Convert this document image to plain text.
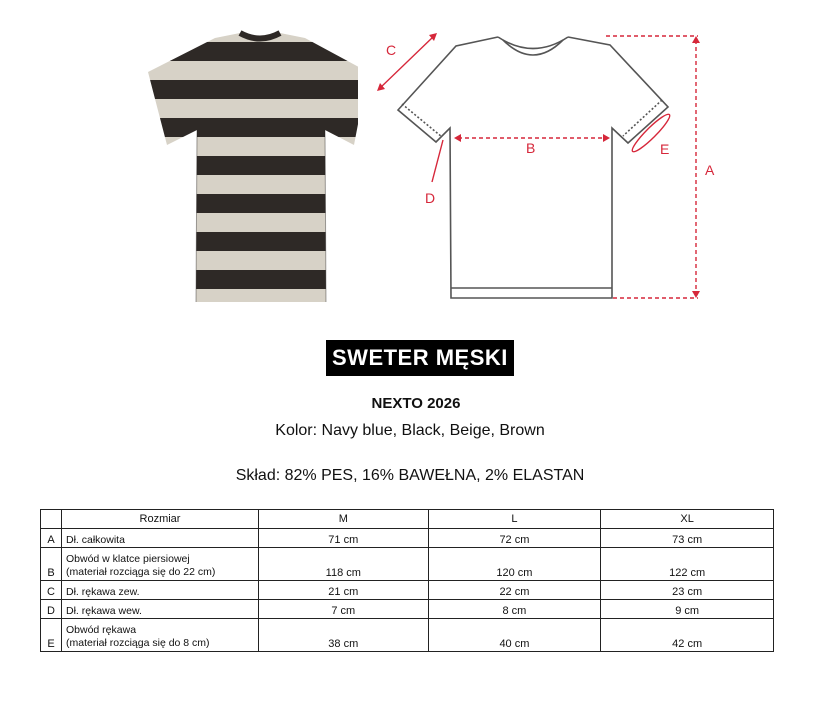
A
B
C
D
E
SWETER MĘSKI
NEXTO 2026
Kolor: Navy blue, Black, Beige, Brown
Skład: 82% PES, 16% BAWEŁNA, 2% ELASTAN
	Rozmiar	M	L	XL
A	Dł. całkowita	71 cm	72 cm	73 cm
B	Obwód w klatce piersiowej
(materiał rozciąga się do 22 cm)	118 cm	120 cm	122 cm
C	Dł. rękawa zew.	21 cm	22 cm	23 cm
D	Dł. rękawa wew.	7 cm	8 cm	9 cm
E	Obwód rękawa
(materiał rozciąga się do 8 cm)	38 cm	40 cm	42 cm
